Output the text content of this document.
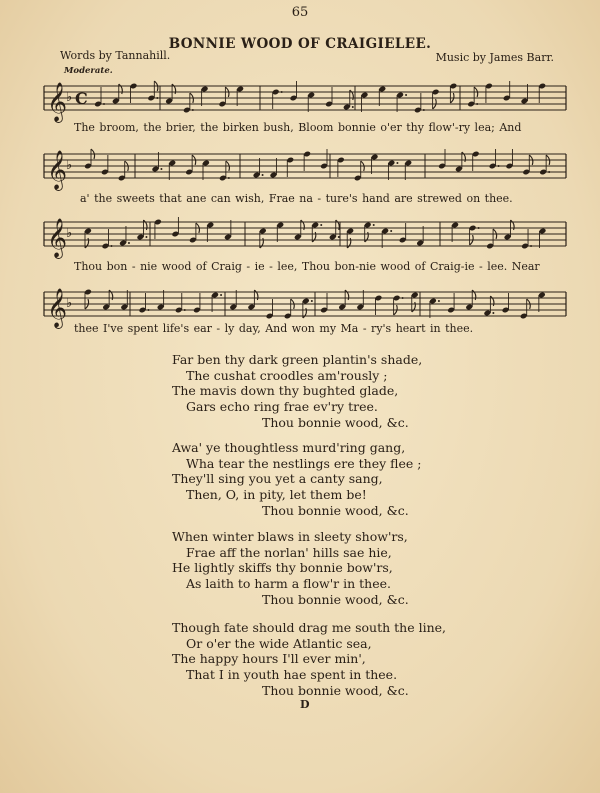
65
BONNIE WOOD OF CRAIGIELEE.
Words by Tannahill.	Music by James Barr.
Moderate.
𝄞
♭ C
The broom, the brier, the birken bush, Bloom bonnie o'er thy flow'-ry lea; And
𝄞
♭
a' the sweets that ane can wish, Frae na - ture's hand are strewed on thee.
𝄞
♭
Thou bon - nie wood of Craig - ie - lee, Thou bon-nie wood of Craig-ie - lee. Near
𝄞
♭
thee I've spent life's ear - ly day, And won my Ma - ry's heart in thee.
Far ben thy dark green plantin's shade,
The cushat croodles am'rously ;
The mavis down thy bughted glade,
Gars echo ring frae ev'ry tree.
Thou bonnie wood, &c.
Awa' ye thoughtless murd'ring gang,
Wha tear the nestlings ere they flee ;
They'll sing you yet a canty sang,
Then, O, in pity, let them be!
Thou bonnie wood, &c.
When winter blaws in sleety show'rs,
Frae aff the norlan' hills sae hie,
He lightly skiffs thy bonnie bow'rs,
As laith to harm a flow'r in thee.
Thou bonnie wood, &c.
Though fate should drag me south the line,
Or o'er the wide Atlantic sea,
The happy hours I'll ever min',
That I in youth hae spent in thee.
Thou bonnie wood, &c.
D
